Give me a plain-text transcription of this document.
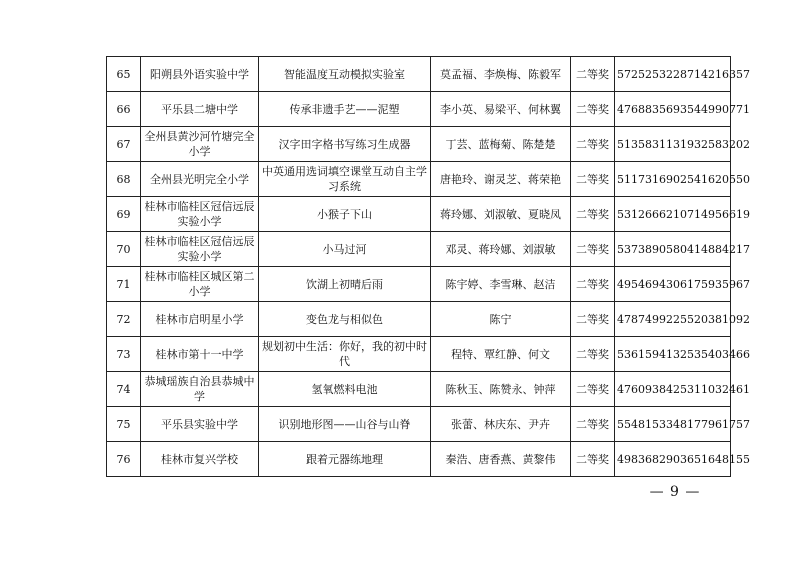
65	阳朔县外语实验中学	智能温度互动模拟实验室	莫孟福、李焕梅、陈毅军	二等奖	5725253228714216357
66	平乐县二塘中学	传承非遗手艺——泥塑	李小英、易梁平、何林翼	二等奖	4768835693544990771
67	全州县黄沙河竹塘完全小学	汉字田字格书写练习生成器	丁芸、蓝梅菊、陈楚楚	二等奖	5135831131932583202
68	全州县光明完全小学	中英通用选词填空课堂互动自主学习系统	唐艳玲、谢灵芝、蒋荣艳	二等奖	5117316902541620550
69	桂林市临桂区冠信远辰实验小学	小猴子下山	蒋玲娜、刘淑敏、夏晓凤	二等奖	5312666210714956619
70	桂林市临桂区冠信远辰实验小学	小马过河	邓灵、蒋玲娜、刘淑敏	二等奖	5373890580414884217
71	桂林市临桂区城区第二小学	饮湖上初晴后雨	陈宇婷、李雪琳、赵洁	二等奖	4954694306175935967
72	桂林市启明星小学	变色龙与相似色	陈宁	二等奖	4787499225520381092
73	桂林市第十一中学	规划初中生活：你好，我的初中时代	程特、覃红静、何文	二等奖	5361594132535403466
74	恭城瑶族自治县恭城中学	氢氧燃料电池	陈秋玉、陈赞永、钟萍	二等奖	4760938425311032461
75	平乐县实验中学	识别地形图——山谷与山脊	张蕾、林庆东、尹卉	二等奖	5548153348177961757
76	桂林市复兴学校	跟着元器练地理	秦浩、唐香燕、黄黎伟	二等奖	4983682903651648155
— 9 —
